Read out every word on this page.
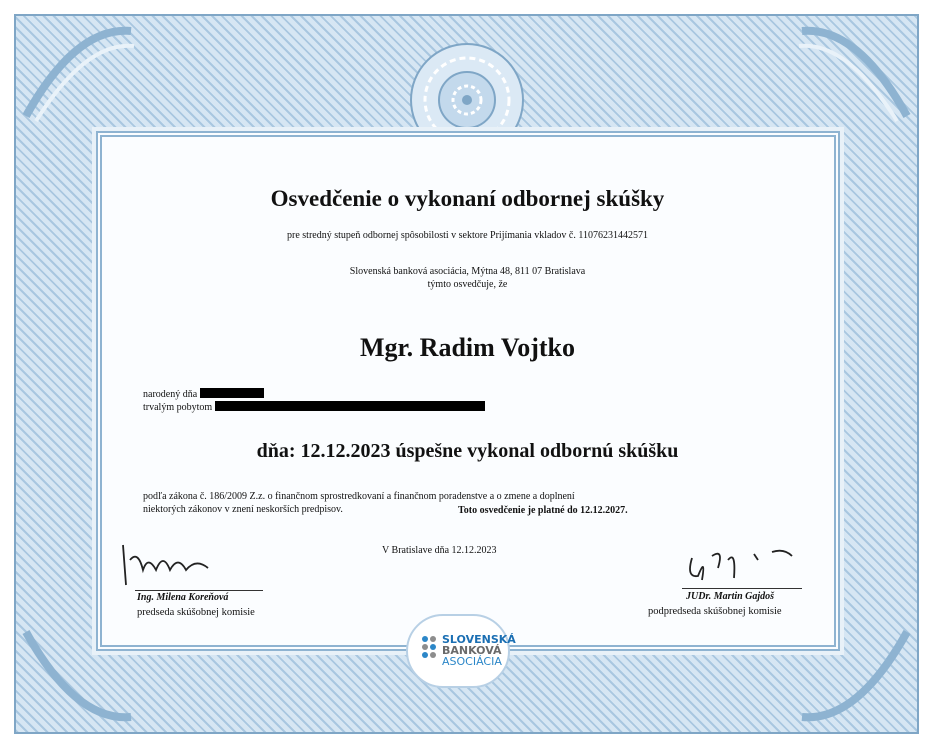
Osvedčenie o vykonaní odbornej skúšky
pre stredný stupeň odbornej spôsobilosti v sektore Prijímania vkladov č. 11076231442571
Slovenská banková asociácia, Mýtna 48, 811 07 Bratislava
týmto osvedčuje, že
Mgr. Radim Vojtko
narodený dňa
trvalým pobytom
dňa: 12.12.2023 úspešne vykonal odbornú skúšku
podľa zákona č. 186/2009 Z.z. o finančnom sprostredkovaní a finančnom poradenstve a o zmene a doplnení
niektorých zákonov v znení neskorších predpisov.	Toto osvedčenie je platné do 12.12.2027.
V Bratislave dňa 12.12.2023
Ing. Milena Koreňová
predseda skúšobnej komisie
JUDr. Martin Gajdoš
podpredseda skúšobnej komisie
SLOVENSKÁ
BANKOVÁ
ASOCIÁCIA
